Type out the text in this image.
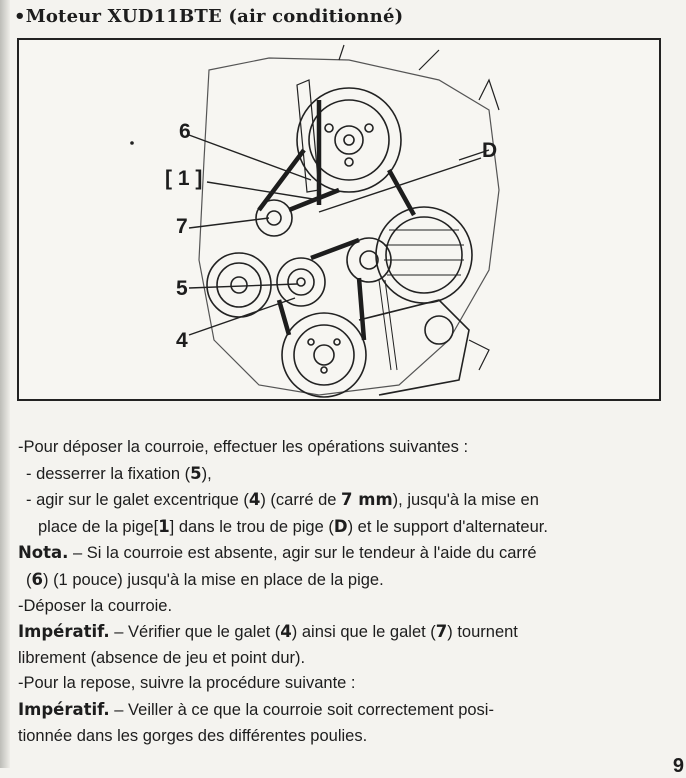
•Moteur XUD11BTE (air conditionné)
6
[ 1 ]
7
5
4
D
-Pour déposer la courroie, effectuer les opérations suivantes :
- desserrer la fixation (5),
- agir sur le galet excentrique (4) (carré de 7 mm), jusqu'à la mise en
place de la pige[1] dans le trou de pige (D) et le support d'alternateur.
Nota. – Si la courroie est absente, agir sur le tendeur à l'aide du carré
(6) (1 pouce) jusqu'à la mise en place de la pige.
-Déposer la courroie.
Impératif. – Vérifier que le galet (4) ainsi que le galet (7) tournent
librement (absence de jeu et point dur).
-Pour la repose, suivre la procédure suivante :
Impératif. – Veiller à ce que la courroie soit correctement posi-
tionnée dans les gorges des différentes poulies.
9
